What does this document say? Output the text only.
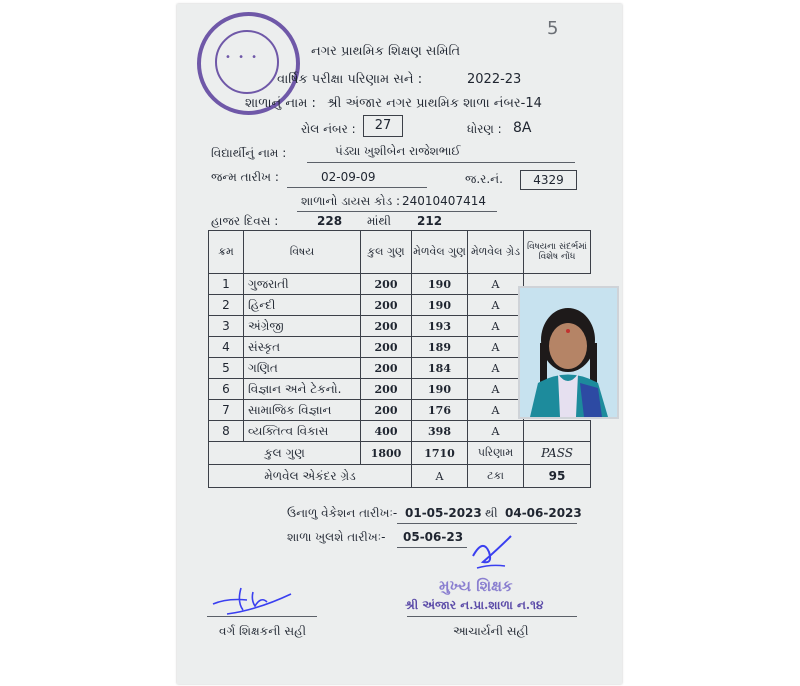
• • •
5
નગર પ્રાથમિક શિક્ષણ સમિતિ
વાર્ષિક પરીક્ષા પરિણામ સને :	2022-23
શાળાનું નામ : શ્રી અંજાર નગર પ્રાથમિક શાળા નંબર-14
રોલ નંબર :	27	ધોરણ : 8A
વિદ્યાર્થીનું નામ :	પંડ્યા ખુશીબેન રાજેશભાઈ
જન્મ તારીખ :	02-09-09	જ.ર.નં.	4329
શાળાનો ડાયસ કોડ : 24010407414
હાજર દિવસ :	228 માંથી 212
ક્રમ	વિષય	કુલ ગુણ	મેળવેલ ગુણ	મેળવેલ ગ્રેડ	વિષયના સંદર્ભમાં વિશેષ નોંધ
1	ગુજરાતી	200	190	A	
2	હિન્દી	200	190	A	
3	અંગ્રેજી	200	193	A	
4	સંસ્કૃત	200	189	A	
5	ગણિત	200	184	A	
6	વિજ્ઞાન અને ટેકનો.	200	190	A	
7	સામાજિક વિજ્ઞાન	200	176	A	
8	વ્યક્તિત્વ વિકાસ	400	398	A	
કુલ ગુણ		1800	1710	પરિણામ	PASS
મેળવેલ એકંદર ગ્રેડ			A	ટકા	95
ઉનાળુ વેકેશન તારીખઃ- 01-05-2023 થી 04-06-2023
શાળા ખુલશે તારીખઃ- 05-06-23
મુખ્ય શિક્ષક
શ્રી અંજાર ન.પ્રા.શાળા ન.૧૪
વર્ગ શિક્ષકની સહી	આચાર્યની સહી
